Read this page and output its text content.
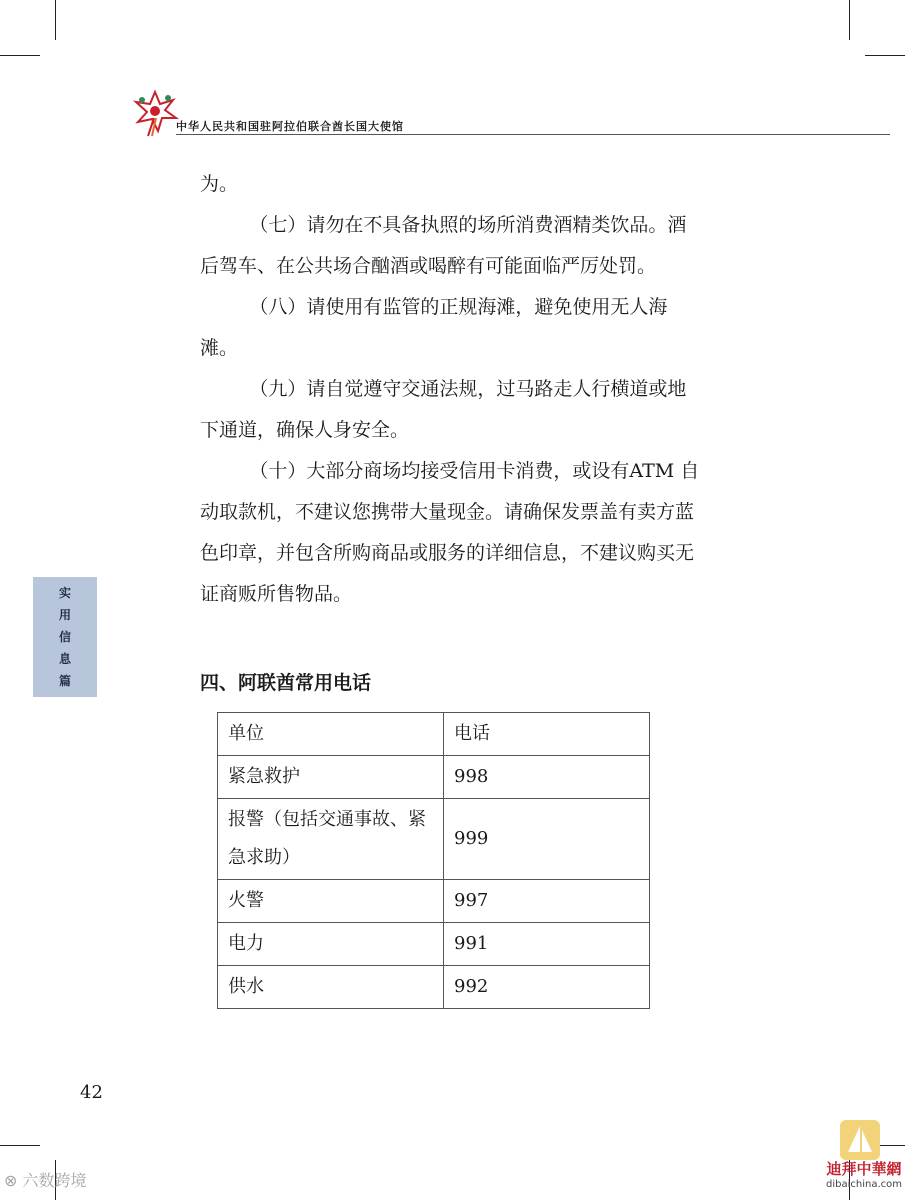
中华人民共和国驻阿拉伯联合酋长国大使馆

为。

（七）请勿在不具备执照的场所消费酒精类饮品。酒后驾车、在公共场合酗酒或喝醉有可能面临严厉处罚。

（八）请使用有监管的正规海滩，避免使用无人海滩。

（九）请自觉遵守交通法规，过马路走人行横道或地下通道，确保人身安全。

（十）大部分商场均接受信用卡消费，或设有ATM 自动取款机，不建议您携带大量现金。请确保发票盖有卖方蓝色印章，并包含所购商品或服务的详细信息，不建议购买无证商贩所售物品。

四、阿联酋常用电话
单位	电话
紧急救护	998
报警（包括交通事故、紧急求助）	999
火警	997
电力	991
供水	992
实
用
信
息
篇
42
⊗ 六数跨境
迪拜中華網
dibaichina.com
